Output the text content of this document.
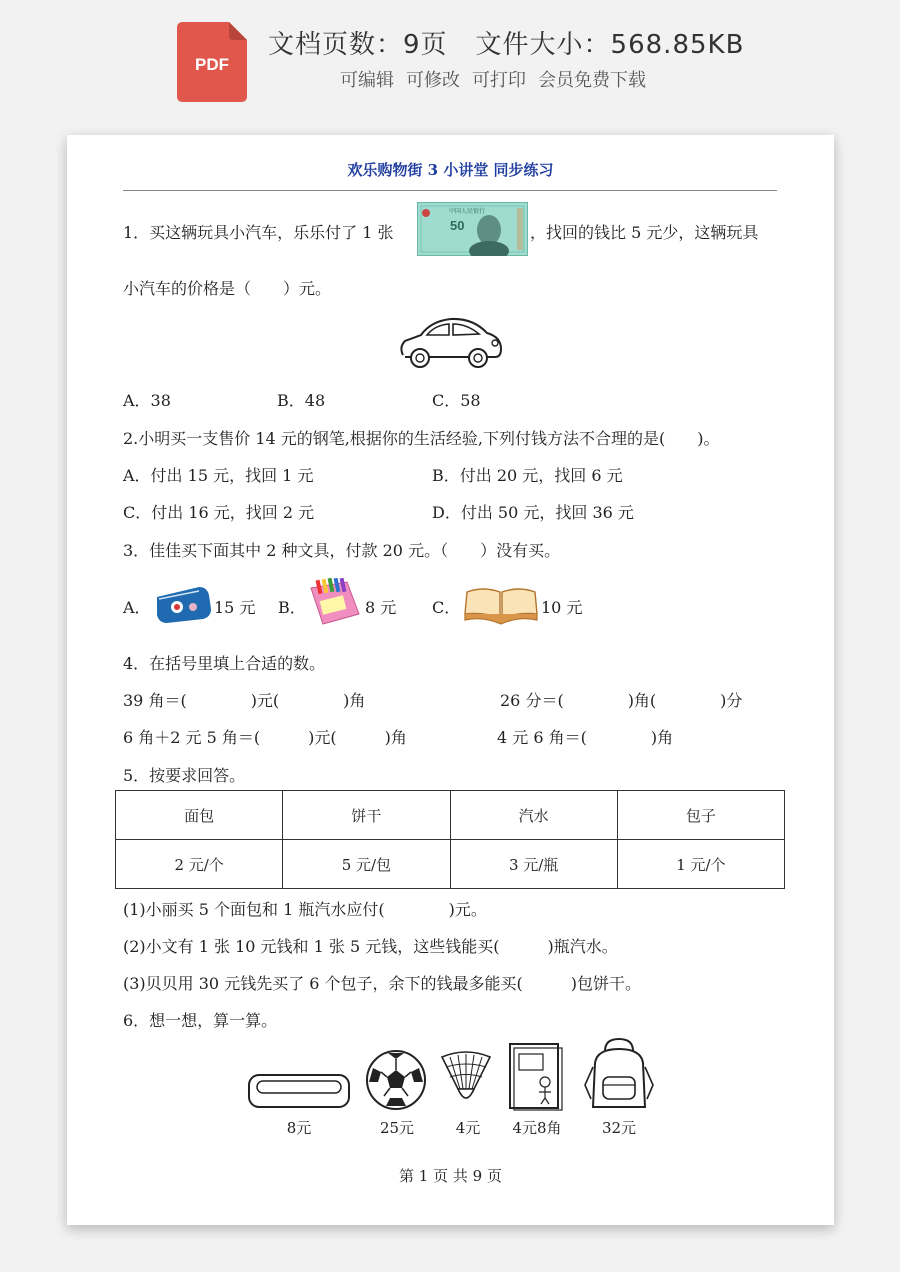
PDF
文档页数：9页 文件大小：568.85KB
可编辑 可修改 可打印 会员免费下载
欢乐购物街 3 小讲堂 同步练习
1．买这辆玩具小汽车，乐乐付了 1 张
中国人民银行
50	，找回的钱比 5 元少，这辆玩具
小汽车的价格是（　　）元。
A．38	B．48	C．58
2.小明买一支售价 14 元的钢笔,根据你的生活经验,下列付钱方法不合理的是(　　)。
A．付出 15 元，找回 1 元	B．付出 20 元，找回 6 元
C．付出 16 元，找回 2 元	D．付出 50 元，找回 36 元
3．佳佳买下面其中 2 种文具，付款 20 元。（　　）没有买。
A．	15 元 B．	8 元 C．	10 元
4．在括号里填上合适的数。
39 角＝(　　　　)元(　　　　)角	26 分＝(　　　　)角(　　　　)分
6 角＋2 元 5 角＝(　　　)元(　　　)角	4 元 6 角＝(　　　　)角
5．按要求回答。
面包	饼干	汽水	包子
2 元/个	5 元/包	3 元/瓶	1 元/个
(1)小丽买 5 个面包和 1 瓶汽水应付(　　　　)元。
(2)小文有 1 张 10 元钱和 1 张 5 元钱，这些钱能买(　　　)瓶汽水。
(3)贝贝用 30 元钱先买了 6 个包子，余下的钱最多能买(　　　)包饼干。
6．想一想，算一算。
8元	25元	4元	4元8角	32元
第 1 页 共 9 页
